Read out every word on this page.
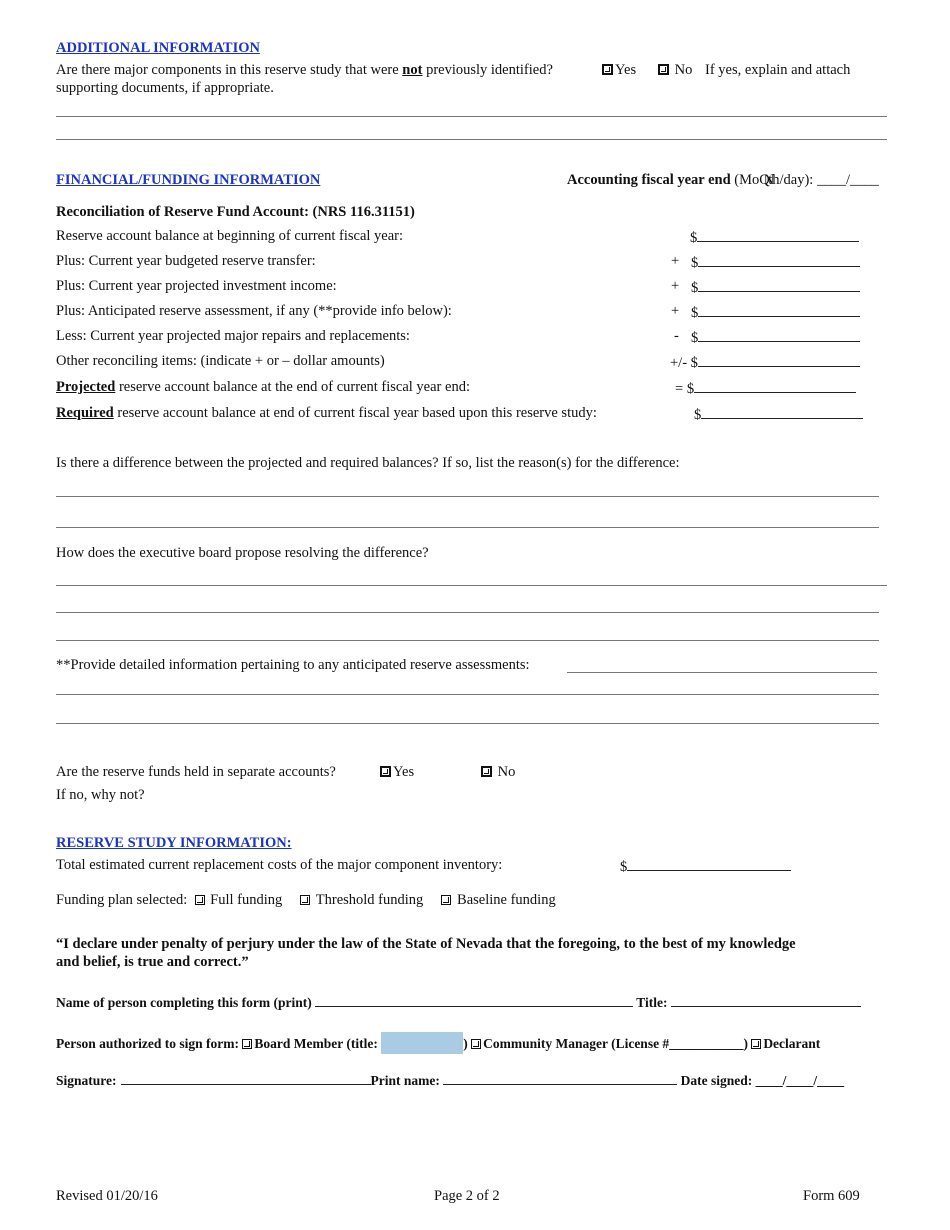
ADDITIONAL INFORMATION
Are there major components in this reserve study that were not previously identified?	Yes	No If yes, explain and attach
supporting documents, if appropriate.
FINANCIAL/FUNDING INFORMATION	Accounting fiscal year end (MoQNth/day): ____/____
Reconciliation of Reserve Fund Account: (NRS 116.31151)
Reserve account balance at beginning of current fiscal year:	$
Plus: Current year budgeted reserve transfer:	+ $
Plus: Current year projected investment income:	+ $
Plus: Anticipated reserve assessment, if any (**provide info below):	+ $
Less: Current year projected major repairs and replacements:	- $
Other reconciling items: (indicate + or – dollar amounts)	+/- $
Projected reserve account balance at the end of current fiscal year end:	= $
Required reserve account balance at end of current fiscal year based upon this reserve study:	$
Is there a difference between the projected and required balances? If so, list the reason(s) for the difference:
How does the executive board propose resolving the difference?
**Provide detailed information pertaining to any anticipated reserve assessments:
Are the reserve funds held in separate accounts?	Yes	No
If no, why not?
RESERVE STUDY INFORMATION:
Total estimated current replacement costs of the major component inventory:	$
Funding plan selected: Full funding Threshold funding Baseline funding
“I declare under penalty of perjury under the law of the State of Nevada that the foregoing, to the best of my knowledge
and belief, is true and correct.”
Name of person completing this form (print)	Title:
Person authorized to sign form: Board Member (title:	) Community Manager (License #___________) Declarant
Signature:	Print name:	Date signed: ____/____/____
Revised 01/20/16	Page 2 of 2	Form 609
